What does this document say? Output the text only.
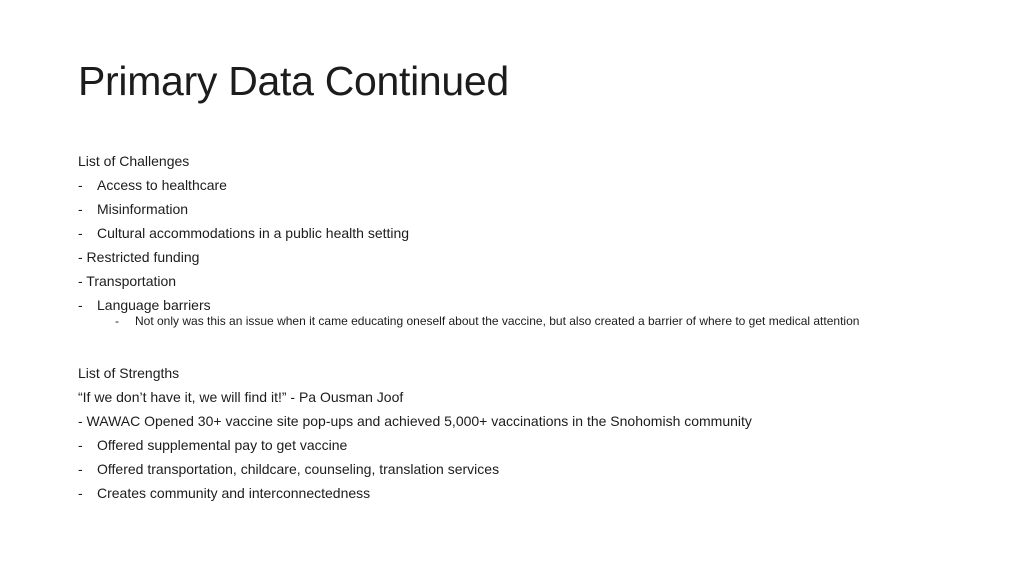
Primary Data Continued
List of Challenges
-	Access to healthcare
-	Misinformation
-	Cultural accommodations in a public health setting
- Restricted funding
- Transportation
-	Language barriers
-	Not only was this an issue when it came educating oneself about the vaccine, but also created a barrier of where to get medical attention
List of Strengths
“If we don’t have it, we will find it!” - Pa Ousman Joof
- WAWAC Opened 30+ vaccine site pop-ups and achieved 5,000+ vaccinations in the Snohomish community
-	Offered supplemental pay to get vaccine
-	Offered transportation, childcare, counseling, translation services
-	Creates community and interconnectedness
